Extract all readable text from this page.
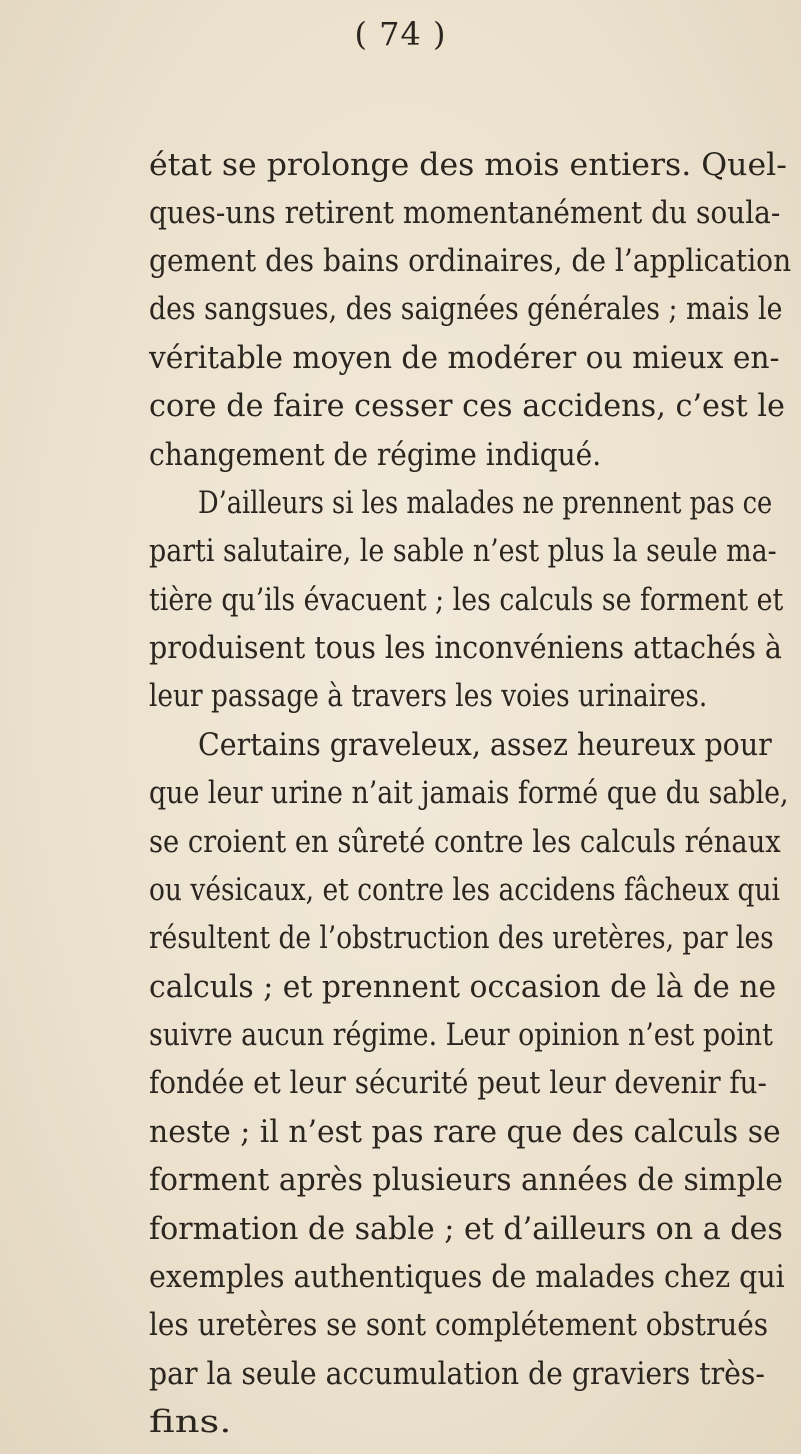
( 74 )
état se prolonge des mois entiers. Quel-
ques-uns retirent momentanément du soula-
gement des bains ordinaires, de l’application
des sangsues, des saignées générales ; mais le
véritable moyen de modérer ou mieux en-
core de faire cesser ces accidens, c’est le
changement de régime indiqué.
D’ailleurs si les malades ne prennent pas ce
parti salutaire, le sable n’est plus la seule ma-
tière qu’ils évacuent ; les calculs se forment et
produisent tous les inconvéniens attachés à
leur passage à travers les voies urinaires.
Certains graveleux, assez heureux pour
que leur urine n’ait jamais formé que du sable,
se croient en sûreté contre les calculs rénaux
ou vésicaux, et contre les accidens fâcheux qui
résultent de l’obstruction des uretères, par les
calculs ; et prennent occasion de là de ne
suivre aucun régime. Leur opinion n’est point
fondée et leur sécurité peut leur devenir fu-
neste ; il n’est pas rare que des calculs se
forment après plusieurs années de simple
formation de sable ; et d’ailleurs on a des
exemples authentiques de malades chez qui
les uretères se sont complétement obstrués
par la seule accumulation de graviers très-
fins.
